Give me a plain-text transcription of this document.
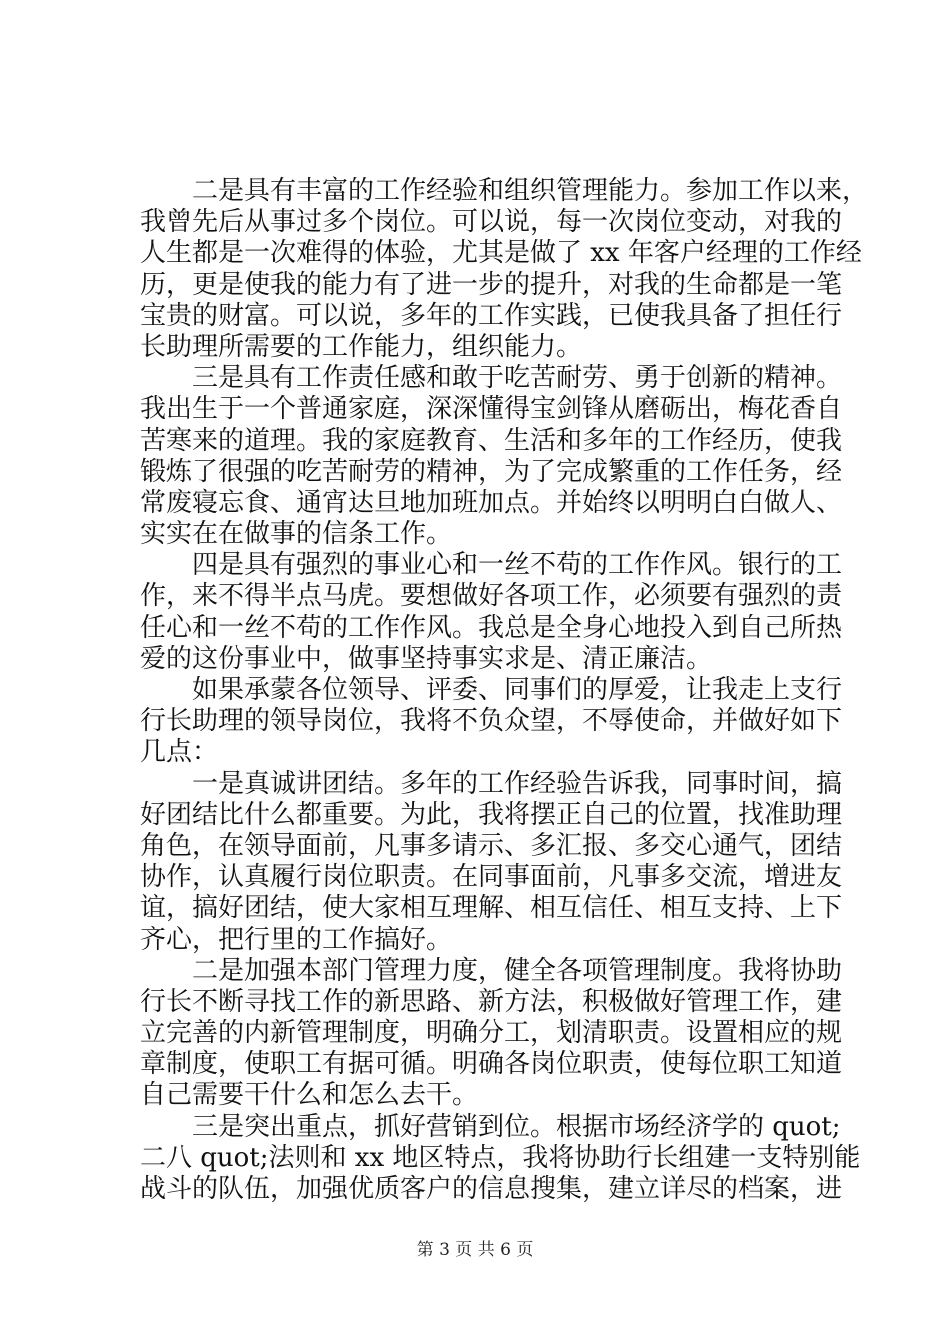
二是具有丰富的工作经验和组织管理能力。参加工作以来，
我曾先后从事过多个岗位。可以说，每一次岗位变动，对我的
人生都是一次难得的体验，尤其是做了 xx 年客户经理的工作经
历，更是使我的能力有了进一步的提升，对我的生命都是一笔
宝贵的财富。可以说，多年的工作实践，已使我具备了担任行
长助理所需要的工作能力，组织能力。
三是具有工作责任感和敢于吃苦耐劳、勇于创新的精神。
我出生于一个普通家庭，深深懂得宝剑锋从磨砺出，梅花香自
苦寒来的道理。我的家庭教育、生活和多年的工作经历，使我
锻炼了很强的吃苦耐劳的精神，为了完成繁重的工作任务，经
常废寝忘食、通宵达旦地加班加点。并始终以明明白白做人、
实实在在做事的信条工作。
四是具有强烈的事业心和一丝不苟的工作作风。银行的工
作，来不得半点马虎。要想做好各项工作，必须要有强烈的责
任心和一丝不苟的工作作风。我总是全身心地投入到自己所热
爱的这份事业中，做事坚持事实求是、清正廉洁。
如果承蒙各位领导、评委、同事们的厚爱，让我走上支行
行长助理的领导岗位，我将不负众望，不辱使命，并做好如下
几点：
一是真诚讲团结。多年的工作经验告诉我，同事时间，搞
好团结比什么都重要。为此，我将摆正自己的位置，找准助理
角色，在领导面前，凡事多请示、多汇报、多交心通气，团结
协作，认真履行岗位职责。在同事面前，凡事多交流，增进友
谊，搞好团结，使大家相互理解、相互信任、相互支持、上下
齐心，把行里的工作搞好。
二是加强本部门管理力度，健全各项管理制度。我将协助
行长不断寻找工作的新思路、新方法，积极做好管理工作，建
立完善的内新管理制度，明确分工，划清职责。设置相应的规
章制度，使职工有据可循。明确各岗位职责，使每位职工知道
自己需要干什么和怎么去干。
三是突出重点，抓好营销到位。根据市场经济学的 quot;
二八 quot;法则和 xx 地区特点，我将协助行长组建一支特别能
战斗的队伍，加强优质客户的信息搜集，建立详尽的档案，进
第 3 页 共 6 页
